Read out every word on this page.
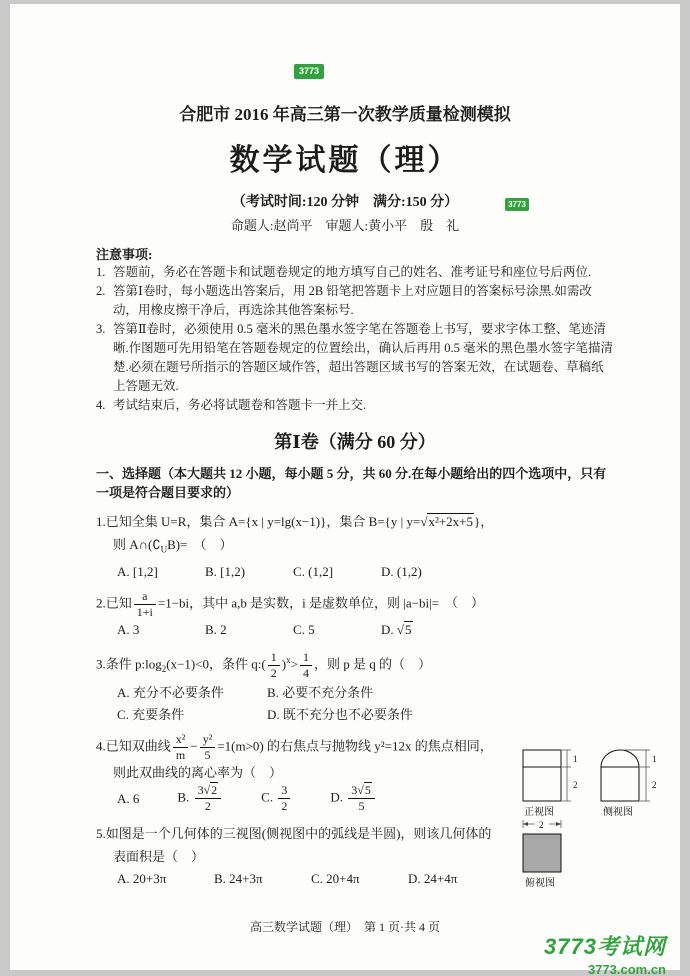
3773
3773
合肥市 2016 年高三第一次教学质量检测模拟
数学试题（理）
（考试时间:120 分钟　满分:150 分）
命题人:赵尚平　审题人:黄小平　殷　礼
注意事项:
1. 答题前，务必在答题卡和试题卷规定的地方填写自己的姓名、准考证号和座位号后两位.
2. 答第Ⅰ卷时，每小题选出答案后，用 2B 铅笔把答题卡上对应题目的答案标号涂黑.如需改动，用橡皮擦干净后，再选涂其他答案标号.
3. 答第Ⅱ卷时，必须使用 0.5 毫米的黑色墨水签字笔在答题卷上书写，要求字体工整、笔迹清晰.作图题可先用铅笔在答题卷规定的位置绘出，确认后再用 0.5 毫米的黑色墨水签字笔描清楚.必须在题号所指示的答题区域作答，超出答题区域书写的答案无效，在试题卷、草稿纸上答题无效.
4. 考试结束后，务必将试题卷和答题卡一并上交.
第Ⅰ卷（满分 60 分）
一、选择题（本大题共 12 小题，每小题 5 分，共 60 分.在每小题给出的四个选项中，只有一项是符合题目要求的）
1.已知全集 U=R，集合 A={x | y=lg(x−1)}，集合 B={y | y=√x²+2x+5}，
则 $A\cap(∁_UB)=$ （　）
A. [1,2]	B. [1,2)	C. (1,2]	D. (1,2)
2.已知 $\frac{a}{1+i} =1-bi$，其中 a,b 是实数，i 是虚数单位，则 |a−bi|= （　）
A. 3	B. 2	C. 5	D. √5
3.条件 $p:\log_2(x-1)<0$，条件 q:( $\frac{1}{2} )^x> \frac{1}{4}$ ，则 p 是 q 的（　）
A. 充分不必要条件	B. 必要不充分条件
C. 充要条件	D. 既不充分也不必要条件
4.已知双曲线 $\frac{\text{x²}}{m} - \frac{\text{y²}}{5} =1(m>0)$ 的右焦点与抛物线 y²=12x 的焦点相同，
则此双曲线的离心率为（　）
A. 6	B. $\frac{3√2}{2}$	C. $\frac{3}{2}$	D. $\frac{3√5}{5}$
5.如图是一个几何体的三视图(侧视图中的弧线是半圆)，则该几何体的
表面积是（　）
A. 20+3π	B. 24+3π	C. 20+4π	D. 24+4π
1
2
1
2
正视图	侧视图
2
俯视图
高三数学试题（理）　第 1 页·共 4 页
3773考试网
3773.com.cn
